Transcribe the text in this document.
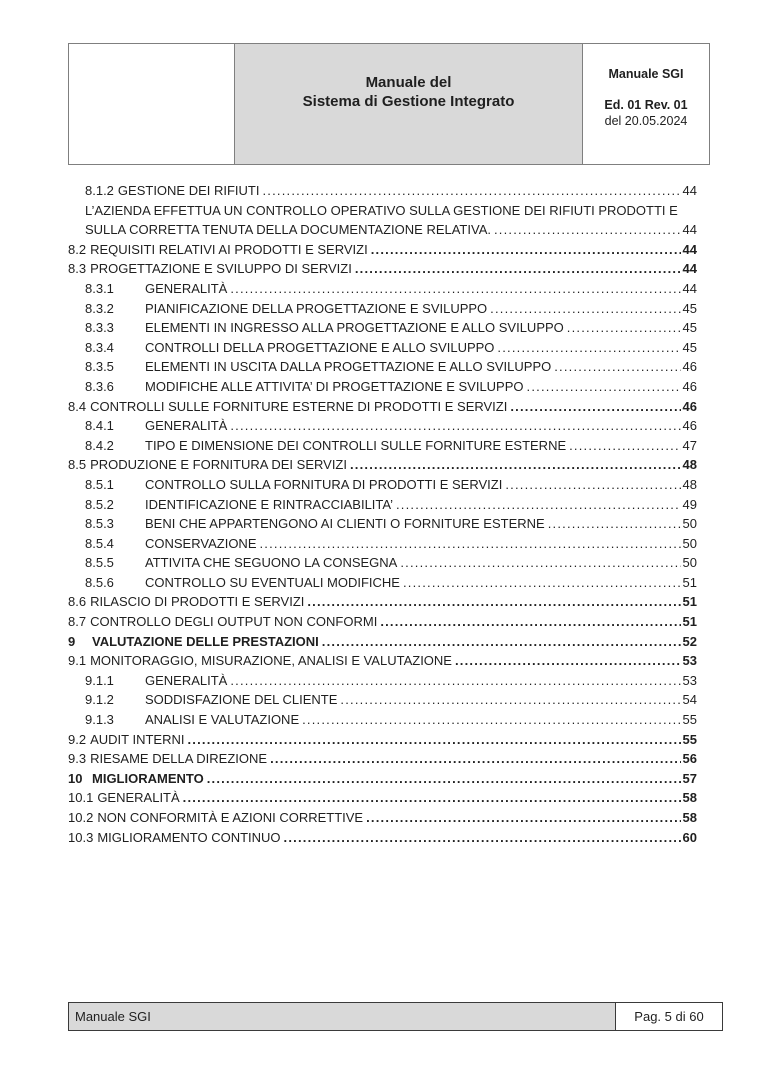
Manuale del
Sistema di Gestione Integrato
Manuale SGI
Ed. 01 Rev. 01
del 20.05.2024
8.1.2 GESTIONE DEI RIFIUTI .....	44
L’AZIENDA EFFETTUA UN CONTROLLO OPERATIVO SULLA GESTIONE DEI RIFIUTI PRODOTTI E
SULLA CORRETTA TENUTA DELLA DOCUMENTAZIONE RELATIVA. .....	44
8.2 REQUISITI RELATIVI AI PRODOTTI E SERVIZI .....	44
8.3 PROGETTAZIONE E SVILUPPO DI SERVIZI .....	44
8.3.1	GENERALITÀ .....	44
8.3.2	PIANIFICAZIONE DELLA PROGETTAZIONE E SVILUPPO .....	45
8.3.3	ELEMENTI IN INGRESSO ALLA PROGETTAZIONE E ALLO SVILUPPO .....	45
8.3.4	CONTROLLI DELLA PROGETTAZIONE E ALLO SVILUPPO .....	45
8.3.5	ELEMENTI IN USCITA DALLA PROGETTAZIONE E ALLO SVILUPPO .....	46
8.3.6	MODIFICHE ALLE ATTIVITA’ DI PROGETTAZIONE E SVILUPPO .....	46
8.4 CONTROLLI SULLE FORNITURE ESTERNE DI PRODOTTI E SERVIZI .....	46
8.4.1	GENERALITÀ .....	46
8.4.2	TIPO E DIMENSIONE DEI CONTROLLI SULLE FORNITURE ESTERNE .....	47
8.5 PRODUZIONE E FORNITURA DEI SERVIZI .....	48
8.5.1	CONTROLLO SULLA FORNITURA DI PRODOTTI E SERVIZI .....	48
8.5.2	IDENTIFICAZIONE E RINTRACCIABILITA’ .....	49
8.5.3	BENI CHE APPARTENGONO AI CLIENTI O FORNITURE ESTERNE .....	50
8.5.4	CONSERVAZIONE .....	50
8.5.5	ATTIVITA CHE SEGUONO LA CONSEGNA .....	50
8.5.6	CONTROLLO SU EVENTUALI MODIFICHE .....	51
8.6 RILASCIO DI PRODOTTI E SERVIZI .....	51
8.7 CONTROLLO DEGLI OUTPUT NON CONFORMI .....	51
9	VALUTAZIONE DELLE PRESTAZIONI .....	52
9.1 MONITORAGGIO, MISURAZIONE, ANALISI E VALUTAZIONE .....	53
9.1.1	GENERALITÀ .....	53
9.1.2	SODDISFAZIONE DEL CLIENTE .....	54
9.1.3	ANALISI E VALUTAZIONE .....	55
9.2 AUDIT INTERNI .....	55
9.3 RIESAME DELLA DIREZIONE .....	56
10 MIGLIORAMENTO .....	57
10.1 GENERALITÀ .....	58
10.2 NON CONFORMITÀ E AZIONI CORRETTIVE .....	58
10.3 MIGLIORAMENTO CONTINUO .....	60
Manuale SGI	Pag. 5 di 60
